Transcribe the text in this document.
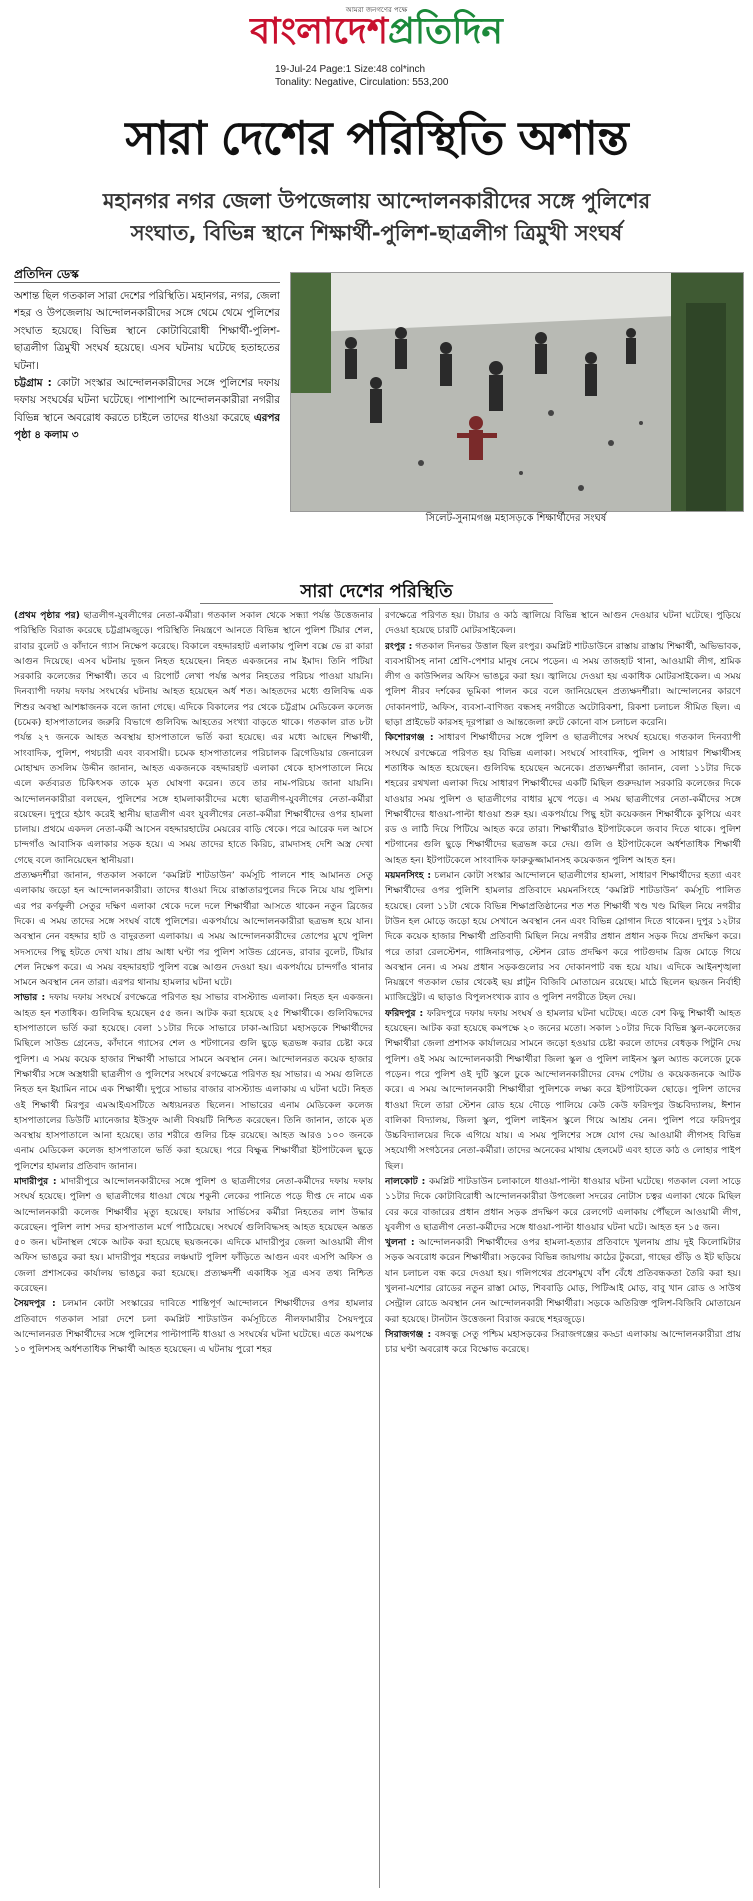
আমরা জনগণের পক্ষে
বাংলাদেশপ্রতিদিন
19-Jul-24 Page:1 Size:48 col*inch
Tonality: Negative, Circulation: 553,200
সারা দেশের পরিস্থিতি অশান্ত
মহানগর নগর জেলা উপজেলায় আন্দোলনকারীদের সঙ্গে পুলিশের
সংঘাত, বিভিন্ন স্থানে শিক্ষার্থী-পুলিশ-ছাত্রলীগ ত্রিমুখী সংঘর্ষ
প্রতিদিন ডেস্ক
অশান্ত ছিল গতকাল সারা দেশের পরিস্থিতি। মহানগর, নগর, জেলা শহর ও উপজেলায় আন্দোলনকারীদের সঙ্গে থেমে থেমে পুলিশের সংঘাত হয়েছে। বিভিন্ন স্থানে কোটাবিরোধী শিক্ষার্থী-পুলিশ-ছাত্রলীগ ত্রিমুখী সংঘর্ষ হয়েছে। এসব ঘটনায় ঘটেছে হতাহতের ঘটনা।
চট্টগ্রাম : কোটা সংস্কার আন্দোলনকারীদের সঙ্গে পুলিশের দফায় দফায় সংঘর্ষের ঘটনা ঘটেছে। পাশাপাশি আন্দোলনকারীরা নগরীর বিভিন্ন স্থানে অবরোধ করতে চাইলে তাদের ধাওয়া করেছে এরপর পৃষ্ঠা ৪ কলাম ৩
সিলেট-সুনামগঞ্জ মহাসড়কে শিক্ষার্থীদের সংঘর্ষ
সারা দেশের পরিস্থিতি

(প্রথম পৃষ্ঠার পর) ছাত্রলীগ-যুবলীগের নেতা-কর্মীরা। গতকাল সকাল থেকে সন্ধ্যা পর্যন্ত উত্তেজনার পরিস্থিতি বিরাজ করেছে চট্টগ্রামজুড়ে। পরিস্থিতি নিয়ন্ত্রণে আনতে বিভিন্ন স্থানে পুলিশ টিয়ার শেল, রাবার বুলেট ও কাঁদানে গ্যাস নিক্ষেপ করেছে। বিকালে বহদ্দারহাট এলাকায় পুলিশ বক্সে ভে রা কারা আগুন দিয়েছে। এসব ঘটনায় দুজন নিহত হয়েছেন। নিহত একজনের নাম ইমাদ। তিনি পটিয়া সরকারি কলেজের শিক্ষার্থী। তবে এ রিপোর্ট লেখা পর্যন্ত অপর নিহতের পরিচয় পাওয়া যায়নি। দিনব্যাপী দফায় দফায় সংঘর্ষের ঘটনায় আহত হয়েছেন অর্ধ শত। আহতদের মধ্যে গুলিবিদ্ধ এক শিশুর অবস্থা আশঙ্কাজনক বলে জানা গেছে। এদিকে বিকালের পর থেকে চট্টগ্রাম মেডিকেল কলেজ (চমেক) হাসপাতালের জরুরি বিভাগে গুলিবিদ্ধ আহতের সংখ্যা বাড়তে থাকে। গতকাল রাত ৮টা পর্যন্ত ২৭ জনকে আহত অবস্থায় হাসপাতালে ভর্তি করা হয়েছে। এর মধ্যে আছেন শিক্ষার্থী, সাংবাদিক, পুলিশ, পথচারী এবং ব্যবসায়ী। চমেক হাসপাতালের পরিচালক ব্রিগেডিয়ার জেনারেল মোহাম্মদ তসলিম উদ্দীন জানান, আহত একজনকে বহদ্দারহাট এলাকা থেকে হাসপাতালে নিয়ে এলে কর্তব্যরত চিকিৎসক তাকে মৃত ঘোষণা করেন। তবে তার নাম-পরিচয় জানা যায়নি। আন্দোলনকারীরা বলছেন, পুলিশের সঙ্গে হামলাকারীদের মধ্যে ছাত্রলীগ-যুবলীগের নেতা-কর্মীরা রয়েছেন। দুপুরে হঠাৎ করেই স্থানীয় ছাত্রলীগ এবং যুবলীগের নেতা-কর্মীরা শিক্ষার্থীদের ওপর হামলা চালায়। প্রথমে একদল নেতা-কর্মী আসেন বহদ্দারহাটের মেয়রের বাড়ি থেকে। পরে আরেক দল আসে চান্দগাঁও আবাসিক এলাকার সড়ক হয়ে। এ সময় তাদের হাতে কিরিচ, রামদাসহ দেশি অস্ত্র দেখা গেছে বলে জানিয়েছেন স্থানীয়রা।

প্রত্যক্ষদর্শীরা জানান, গতকাল সকালে ‘কমপ্লিট শাটডাউন’ কর্মসূচি পালনে শাহ আমানত সেতু এলাকায় জড়ো হন আন্দোলনকারীরা। তাদের ধাওয়া দিয়ে রাস্তাতারপুলের দিকে নিয়ে যায় পুলিশ। এর পর কর্ণফুলী সেতুর দক্ষিণ এলাকা থেকে দলে দলে শিক্ষার্থীরা আসতে থাকেন নতুন ব্রিজের দিকে। এ সময় তাদের সঙ্গে সংঘর্ষ বাধে পুলিশের। একপর্যায়ে আন্দোলনকারীরা ছত্রভঙ্গ হয়ে যান। অবস্থান নেন বহদ্দার হাট ও বাদুরতলা এলাকায়। এ সময় আন্দোলনকারীদের তোপের মুখে পুলিশ সদস্যদের পিছু হটতে দেখা যায়। প্রায় আধা ঘণ্টা পর পুলিশ সাউন্ড গ্রেনেড, রাবার বুলেট, টিয়ার শেল নিক্ষেপ করে। এ সময় বহদ্দারহাট পুলিশ বক্সে আগুন দেওয়া হয়। একপর্যায়ে চান্দগাঁও থানার সামনে অবস্থান নেন তারা। এরপর থানায় হামলার ঘটনা ঘটে।

সাভার : দফায় দফায় সংঘর্ষে রণক্ষেত্রে পরিণত হয় সাভার বাসস্ট্যান্ড এলাকা। নিহত হন একজন। আহত হন শতাধিক। গুলিবিদ্ধ হয়েছেন ৫৫ জন। আটক করা হয়েছে ২৫ শিক্ষার্থীকে। গুলিবিদ্ধদের হাসপাতালে ভর্তি করা হয়েছে। বেলা ১১টার দিকে সাভারে ঢাকা-আরিচা মহাসড়কে শিক্ষার্থীদের মিছিলে সাউন্ড গ্রেনেড, কাঁদানে গ্যাসের শেল ও শটগানের গুলি ছুড়ে ছত্রভঙ্গ করার চেষ্টা করে পুলিশ। এ সময় কয়েক হাজার শিক্ষার্থী সাভারে সামনে অবস্থান নেন। আন্দোলনরত কয়েক হাজার শিক্ষার্থীর সঙ্গে অস্ত্রধারী ছাত্রলীগ ও পুলিশের সংঘর্ষে রণক্ষেত্রে পরিণত হয় সাভার। এ সময় গুলিতে নিহত হন ইয়ামিন নামে এক শিক্ষার্থী। দুপুরে সাভার বাজার বাসস্ট্যান্ড এলাকায় এ ঘটনা ঘটে। নিহত ওই শিক্ষার্থী মিরপুর এমআইএসটিতে অধ্যয়নরত ছিলেন। সাভারের এনাম মেডিকেল কলেজ হাসপাতালের ডিউটি ম্যানেজার ইউসুফ আলী বিষয়টি নিশ্চিত করেছেন। তিনি জানান, তাকে মৃত অবস্থায় হাসপাতালে আনা হয়েছে। তার শরীরে গুলির চিহ্ন রয়েছে। আহত আরও ১০০ জনকে এনাম মেডিকেল কলেজ হাসপাতালে ভর্তি করা হয়েছে। পরে বিক্ষুব্ধ শিক্ষার্থীরা ইটপাটকেল ছুড়ে পুলিশের হামলার প্রতিবাদ জানান।

মাদারীপুর : মাদারীপুরে আন্দোলনকারীদের সঙ্গে পুলিশ ও ছাত্রলীগের নেতা-কর্মীদের দফায় দফায় সংঘর্ষ হয়েছে। পুলিশ ও ছাত্রলীগের ধাওয়া খেয়ে শকুনী লেকের পানিতে পড়ে দীপ্ত দে নামে এক আন্দোলনকারী কলেজ শিক্ষার্থীর মৃত্যু হয়েছে। ফায়ার সার্ভিসের কর্মীরা নিহতের লাশ উদ্ধার করেছেন। পুলিশ লাশ সদর হাসপাতাল মর্গে পাঠিয়েছে। সংঘর্ষে গুলিবিদ্ধসহ আহত হয়েছেন অন্তত ৫০ জন। ঘটনাস্থল থেকে আটক করা হয়েছে ছয়জনকে। এদিকে মাদারীপুর জেলা আওয়ামী লীগ অফিস ভাঙচুর করা হয়। মাদারীপুর শহরের লঞ্চঘাট পুলিশ ফাঁড়িতে আগুন এবং এসপি অফিস ও জেলা প্রশাসকের কার্যালয় ভাঙচুর করা হয়েছে। প্রত্যক্ষদর্শী একাধিক সূত্র এসব তথ্য নিশ্চিত করেছেন।

সৈয়দপুর : চলমান কোটা সংস্কারের দাবিতে শান্তিপূর্ণ আন্দোলনে শিক্ষার্থীদের ওপর হামলার প্রতিবাদে গতকাল সারা দেশে চলা কমপ্লিট শাটডাউন কর্মসূচিতে নীলফামারীর সৈয়দপুরে আন্দোলনরত শিক্ষার্থীদের সঙ্গে পুলিশের পাল্টাপাল্টি ধাওয়া ও সংঘর্ষের ঘটনা ঘটেছে। এতে কমপক্ষে ১০ পুলিশসহ অর্ধশতাধিক শিক্ষার্থী আহত হয়েছেন। এ ঘটনায় পুরো শহর

রণক্ষেত্রে পরিণত হয়। টায়ার ও কাঠ জ্বালিয়ে বিভিন্ন স্থানে আগুন দেওয়ার ঘটনা ঘটেছে। পুড়িয়ে দেওয়া হয়েছে চারটি মোটরসাইকেল।

রংপুর : গতকাল দিনভর উত্তাল ছিল রংপুর। কমপ্লিট শাটডাউনে রাস্তায় রাস্তায় শিক্ষার্থী, অভিভাবক, ব্যবসায়ীসহ নানা শ্রেণি-পেশার মানুষ নেমে পড়েন। এ সময় তাজহাট থানা, আওয়ামী লীগ, শ্রমিক লীগ ও কাউন্সিলর অফিস ভাঙচুর করা হয়। জ্বালিয়ে দেওয়া হয় একাধিক মোটরসাইকেল। এ সময় পুলিশ নীরব দর্শকের ভূমিকা পালন করে বলে জানিয়েছেন প্রত্যক্ষদর্শীরা। আন্দোলনের কারণে দোকানপাট, অফিস, ব্যবসা-বাণিজ্য বন্ধসহ নগরীতে অটোরিকশা, রিকশা চলাচল সীমিত ছিল। এ ছাড়া প্রাইভেট কারসহ দূরপাল্লা ও আন্তজেলা রুটে কোনো বাস চলাচল করেনি।

কিশোরগঞ্জ : সাধারণ শিক্ষার্থীদের সঙ্গে পুলিশ ও ছাত্রলীগের সংঘর্ষ হয়েছে। গতকাল দিনব্যাপী সংঘর্ষে রণক্ষেত্রে পরিণত হয় বিভিন্ন এলাকা। সংঘর্ষে সাংবাদিক, পুলিশ ও সাধারণ শিক্ষার্থীসহ শতাধিক আহত হয়েছেন। গুলিবিদ্ধ হয়েছেন অনেকে। প্রত্যক্ষদর্শীরা জানান, বেলা ১১টার দিকে শহরের রথখলা এলাকা দিয়ে সাধারণ শিক্ষার্থীদের একটি মিছিল গুরুদয়াল সরকারি কলেজের দিকে যাওয়ার সময় পুলিশ ও ছাত্রলীগের বাধার মুখে পড়ে। এ সময় ছাত্রলীগের নেতা-কর্মীদের সঙ্গে শিক্ষার্থীদের ধাওয়া-পাল্টা ধাওয়া শুরু হয়। একপর্যায়ে পিছু হটা কয়েকজন শিক্ষার্থীকে কুপিয়ে এবং রড ও লাঠি দিয়ে পিটিয়ে আহত করে তারা। শিক্ষার্থীরাও ইটপাটকেলে জবাব দিতে থাকে। পুলিশ শটগানের গুলি ছুড়ে শিক্ষার্থীদের ছত্রভঙ্গ করে দেয়। গুলি ও ইটপাটকেলে অর্ধশতাধিক শিক্ষার্থী আহত হন। ইটপাটকেলে সাংবাদিক ফারুকুজ্জামানসহ কয়েকজন পুলিশ আহত হন।

ময়মনসিংহ : চলমান কোটা সংস্কার আন্দোলনে ছাত্রলীগের হামলা, সাধারণ শিক্ষার্থীদের হত্যা এবং শিক্ষার্থীদের ওপর পুলিশি হামলার প্রতিবাদে ময়মনসিংহে ‘কমপ্লিট শাটডাউন’ কর্মসূচি পালিত হয়েছে। বেলা ১১টা থেকে বিভিন্ন শিক্ষাপ্রতিষ্ঠানের শত শত শিক্ষার্থী খণ্ড খণ্ড মিছিল নিয়ে নগরীর টাউন হল মোড়ে জড়ো হয়ে সেখানে অবস্থান নেন এবং বিভিন্ন স্লোগান দিতে থাকেন। দুপুর ১২টার দিকে কয়েক হাজার শিক্ষার্থী প্রতিবাদী মিছিল নিয়ে নগরীর প্রধান প্রধান সড়ক দিয়ে প্রদক্ষিণ করে। পরে তারা রেলস্টেশন, গাঙ্গিনারপাড়, স্টেশন রোড প্রদক্ষিণ করে পাটগুদাম ব্রিজ মোড়ে গিয়ে অবস্থান নেন। এ সময় প্রধান সড়কগুলোর সব দোকানপাট বন্ধ হয়ে যায়। এদিকে আইনশৃঙ্খলা নিয়ন্ত্রণে গতকাল ভোর থেকেই ছয় প্লাটুন বিজিবি মোতায়েন রয়েছে। মাঠে ছিলেন ছয়জন নির্বাহী ম্যাজিস্ট্রেট। এ ছাড়াও বিপুলসংখ্যক র‍্যাব ও পুলিশ নগরীতে টহল দেয়।

ফরিদপুর : ফরিদপুরে দফায় দফায় সংঘর্ষ ও হামলার ঘটনা ঘটেছে। এতে বেশ কিছু শিক্ষার্থী আহত হয়েছেন। আটক করা হয়েছে কমপক্ষে ২০ জনের মতো। সকাল ১০টার দিকে বিভিন্ন স্কুল-কলেজের শিক্ষার্থীরা জেলা প্রশাসক কার্যালয়ের সামনে জড়ো হওয়ার চেষ্টা করলে তাদের বেধড়ক পিটুনি দেয় পুলিশ। ওই সময় আন্দোলনকারী শিক্ষার্থীরা জিলা স্কুল ও পুলিশ লাইনস স্কুল অ্যান্ড কলেজে ঢুকে পড়েন। পরে পুলিশ ওই দুটি স্কুলে ঢুকে আন্দোলনকারীদের বেদম পেটায় ও কয়েকজনকে আটক করে। এ সময় আন্দোলনকারী শিক্ষার্থীরা পুলিশকে লক্ষ্য করে ইটপাটকেল ছোড়ে। পুলিশ তাদের ধাওয়া দিলে তারা স্টেশন রোড হয়ে দৌড়ে পালিয়ে কেউ কেউ ফরিদপুর উচ্চবিদ্যালয়, ঈশান বালিকা বিদ্যালয়, জিলা স্কুল, পুলিশ লাইনস স্কুলে গিয়ে আশ্রয় নেন। পুলিশ পরে ফরিদপুর উচ্চবিদ্যালয়ের দিকে এগিয়ে যায়। এ সময় পুলিশের সঙ্গে যোগ দেয় আওয়ামী লীগসহ বিভিন্ন সহযোগী সংগঠনের নেতা-কর্মীরা। তাদের অনেকের মাথায় হেলমেট এবং হাতে কাঠ ও লোহার পাইপ ছিল।

নালকোট : কমপ্লিট শাটডাউন চলাকালে ধাওয়া-পাল্টা ধাওয়ার ঘটনা ঘটেছে। গতকাল বেলা সাড়ে ১১টার দিকে কোটাবিরোধী আন্দোলনকারীরা উপজেলা সদরের নোটাস চত্বর এলাকা থেকে মিছিল বের করে বাজারের প্রধান প্রধান সড়ক প্রদক্ষিণ করে রেলগেট এলাকায় পৌঁছলে আওয়ামী লীগ, যুবলীগ ও ছাত্রলীগ নেতা-কর্মীদের সঙ্গে ধাওয়া-পাল্টা ধাওয়ার ঘটনা ঘটে। আহত হন ১৫ জন।

খুলনা : আন্দোলনকারী শিক্ষার্থীদের ওপর হামলা-হত্যার প্রতিবাদে খুলনায় প্রায় দুই কিলোমিটার সড়ক অবরোধ করেন শিক্ষার্থীরা। সড়কের বিভিন্ন জায়গায় কাঠের টুকরো, গাছের গুঁড়ি ও ইট ছড়িয়ে যান চলাচল বন্ধ করে দেওয়া হয়। গলিপথের প্রবেশমুখে বাঁশ বেঁধে প্রতিবন্ধকতা তৈরি করা হয়। খুলনা-যশোর রোডের নতুন রাস্তা মোড়, শিববাড়ি মোড়, পিটিআই মোড়, বাবু খান রোড ও সাউথ সেন্ট্রাল রোডে অবস্থান নেন আন্দোলনকারী শিক্ষার্থীরা। সড়কে অতিরিক্ত পুলিশ-বিজিবি মোতায়েন করা হয়েছে। টানটান উত্তেজনা বিরাজ করছে শহরজুড়ে।

সিরাজগঞ্জ : বঙ্গবন্ধু সেতু পশ্চিম মহাসড়কের সিরাজগঞ্জের কড্ডা এলাকায় আন্দোলনকারীরা প্রায় চার ঘণ্টা অবরোধ করে বিক্ষোভ করেছে।
